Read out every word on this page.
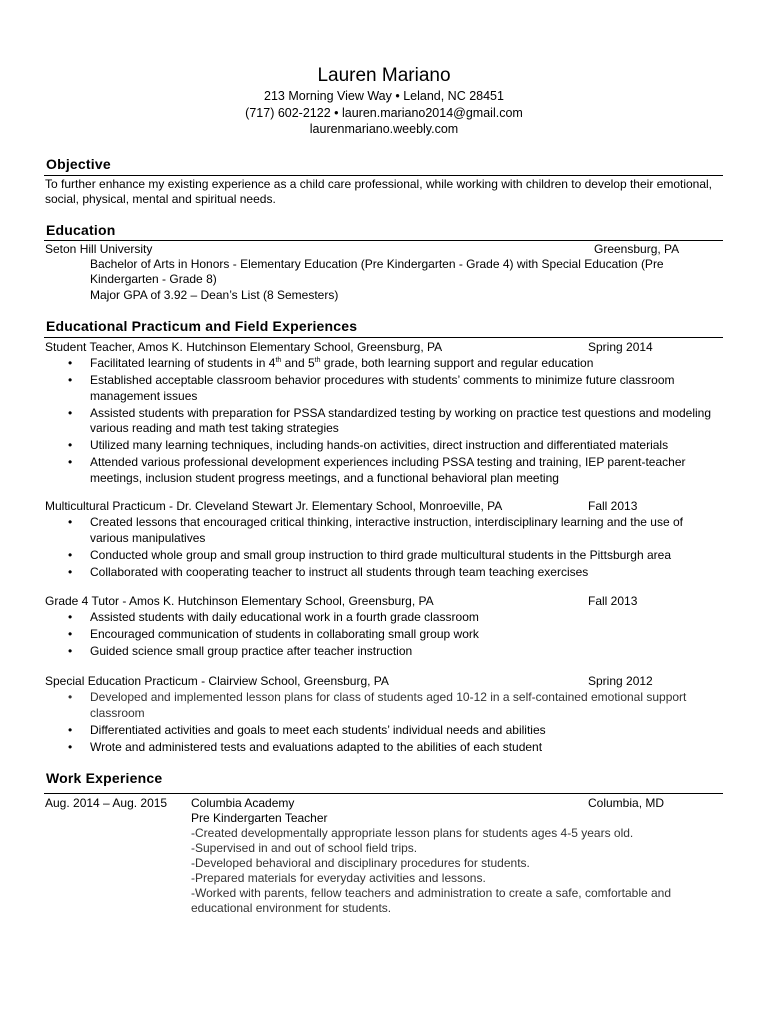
Lauren Mariano
213 Morning View Way • Leland, NC 28451
(717) 602-2122 • lauren.mariano2014@gmail.com
laurenmariano.weebly.com
Objective
To further enhance my existing experience as a child care professional, while working with children to develop their emotional, social, physical, mental and spiritual needs.
Education
Seton Hill University	Greensburg, PA
Bachelor of Arts in Honors - Elementary Education (Pre Kindergarten - Grade 4) with Special Education (Pre Kindergarten - Grade 8)
Major GPA of 3.92 – Dean’s List (8 Semesters)
Educational Practicum and Field Experiences
Student Teacher, Amos K. Hutchinson Elementary School, Greensburg, PA	Spring 2014
• Facilitated learning of students in 4th and 5th grade, both learning support and regular education
• Established acceptable classroom behavior procedures with students’ comments to minimize future classroom management issues
• Assisted students with preparation for PSSA standardized testing by working on practice test questions and modeling various reading and math test taking strategies
• Utilized many learning techniques, including hands-on activities, direct instruction and differentiated materials
• Attended various professional development experiences including PSSA testing and training, IEP parent-teacher meetings, inclusion student progress meetings, and a functional behavioral plan meeting
Multicultural Practicum - Dr. Cleveland Stewart Jr. Elementary School, Monroeville, PA	Fall 2013
• Created lessons that encouraged critical thinking, interactive instruction, interdisciplinary learning and the use of various manipulatives
• Conducted whole group and small group instruction to third grade multicultural students in the Pittsburgh area
• Collaborated with cooperating teacher to instruct all students through team teaching exercises
Grade 4 Tutor - Amos K. Hutchinson Elementary School, Greensburg, PA	Fall 2013
• Assisted students with daily educational work in a fourth grade classroom
• Encouraged communication of students in collaborating small group work
• Guided science small group practice after teacher instruction
Special Education Practicum - Clairview School, Greensburg, PA	Spring 2012
• Developed and implemented lesson plans for class of students aged 10-12 in a self-contained emotional support classroom
• Differentiated activities and goals to meet each students’ individual needs and abilities
• Wrote and administered tests and evaluations adapted to the abilities of each student
Work Experience
Aug. 2014 – Aug. 2015 Columbia Academy	Columbia, MD
Pre Kindergarten Teacher
-Created developmentally appropriate lesson plans for students ages 4-5 years old.
-Supervised in and out of school field trips.
-Developed behavioral and disciplinary procedures for students.
-Prepared materials for everyday activities and lessons.
-Worked with parents, fellow teachers and administration to create a safe, comfortable and educational environment for students.
